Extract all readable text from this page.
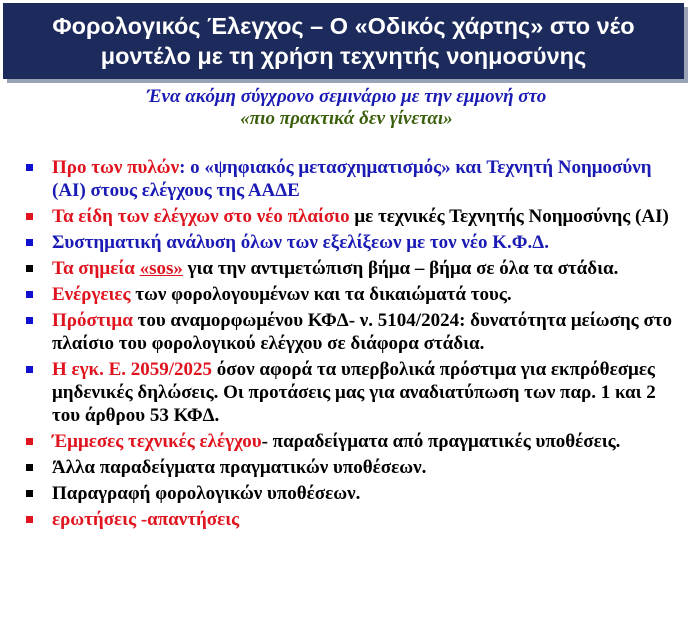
Φορολογικός Έλεγχος – Ο «Οδικός χάρτης» στο νέο
μοντέλο με τη χρήση τεχνητής νοημοσύνης
Ένα ακόμη σύγχρονο σεμινάριο με την εμμονή στο
«πιο πρακτικά δεν γίνεται»
Προ των πυλών: ο «ψηφιακός μετασχηματισμός» και Τεχνητή Νοημοσύνη (AI) στους ελέγχους της ΑΑΔΕ
Τα είδη των ελέγχων στο νέο πλαίσιο με τεχνικές Τεχνητής Νοημοσύνης (AI)
Συστηματική ανάλυση όλων των εξελίξεων με τον νέο Κ.Φ.Δ.
Τα σημεία «sos» για την αντιμετώπιση βήμα – βήμα σε όλα τα στάδια.
Ενέργειες των φορολογουμένων και τα δικαιώματά τους.
Πρόστιμα του αναμορφωμένου ΚΦΔ- ν. 5104/2024: δυνατότητα μείωσης στο πλαίσιο του φορολογικού ελέγχου σε διάφορα στάδια.
Η εγκ. Ε. 2059/2025 όσον αφορά τα υπερβολικά πρόστιμα για εκπρόθεσμες μηδενικές δηλώσεις. Οι προτάσεις μας για αναδιατύπωση των παρ. 1 και 2 του άρθρου 53 ΚΦΔ.
Έμμεσες τεχνικές ελέγχου- παραδείγματα από πραγματικές υποθέσεις.
Άλλα παραδείγματα πραγματικών υποθέσεων.
Παραγραφή φορολογικών υποθέσεων.
ερωτήσεις -απαντήσεις
